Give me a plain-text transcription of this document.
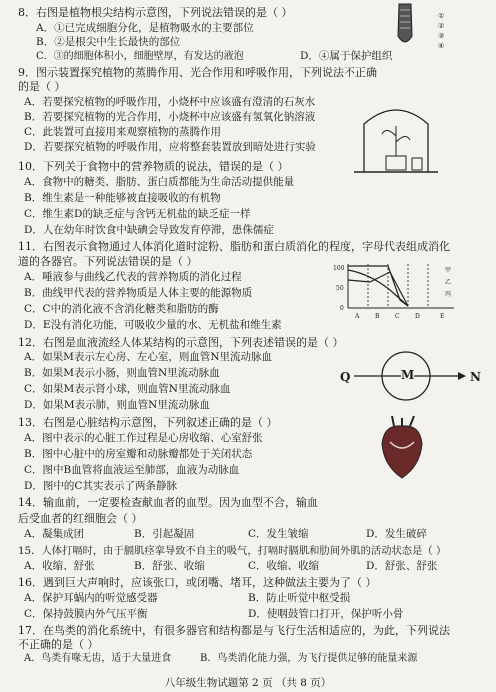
8．右图是植物根尖结构示意图，下列说法错误的是（ ）
A．①已完成细胞分化，是植物吸水的主要部位
B．②是根尖中生长最快的部位
C．③的细胞体积小，细胞壁厚，有发达的液泡	D．④属于保护组织
①
②
③
④
9．图示装置探究植物的蒸腾作用、光合作用和呼吸作用，下列说法不正确
的是（ ）
A．若要探究植物的呼吸作用，小烧杯中应该盛有澄清的石灰水
B．若要探究植物的光合作用，小烧杯中应该盛有氢氧化钠溶液
C．此装置可直接用来观察植物的蒸腾作用
D．若要探究植物的呼吸作用，应将整套装置放到暗处进行实验
10．下列关于食物中的营养物质的说法，错误的是（ ）
A．食物中的糖类、脂肪、蛋白质都能为生命活动提供能量
B．维生素是一种能够被直接吸收的有机物
C．维生素D的缺乏症与含钙无机盐的缺乏症一样
D．人在幼年时饮食中缺碘会导致发育停滞，患侏儒症
11．右图表示食物通过人体消化道时淀粉、脂肪和蛋白质消化的程度，字母代表组成消化
道的各器官。下列说法错误的是（ ）
A．唾液参与曲线乙代表的营养物质的消化过程
B．曲线甲代表的营养物质是人体主要的能源物质
C．C中的消化液不含消化糖类和脂肪的酶
D．E没有消化功能，可吸收少量的水、无机盐和维生素
100
50
0
A	B	C	D	E
甲
乙
丙
12．右图是血液流经人体某结构的示意图，下列表述错误的是（ ）
A．如果M表示左心房、左心室，则血管N里流动脉血
B．如果M表示小肠，则血管N里流动脉血
C．如果M表示肾小球，则血管N里流动脉血
D．如果M表示肺，则血管N里流动脉血
Q	M	N
13．右图是心脏结构示意图，下列叙述正确的是（ ）
A．图中表示的心脏工作过程是心房收缩、心室舒张
B．图中心脏中的房室瓣和动脉瓣都处于关闭状态
C．图中B血管将血液运至肺部，血液为动脉血
D．图中的C其实表示了两条静脉
14．输血前，一定要检查献血者的血型。因为血型不合，输血
后受血者的红细胞会（ ）
A．凝集成团	B．引起凝固	C．发生皱缩	D．发生破碎
15．人体打嗝时，由于膈肌痉挛导致不自主的吸气，打嗝时膈肌和肋间外肌的活动状态是（ ）
A．收缩、舒张	B．舒张、收缩	C．收缩、收缩	D．舒张、舒张
16．遇到巨大声响时，应该张口，或闭嘴、堵耳，这种做法主要为了（ ）
A．保护耳蜗内的听觉感受器	B．防止听觉中枢受损
C．保持鼓膜内外气压平衡	D．使咽鼓管口打开，保护听小骨
17．在鸟类的消化系统中，有很多器官和结构都是与飞行生活相适应的，为此，下列说法
不正确的是（ ）
A．鸟类有喙无齿，适于大量进食	B．鸟类消化能力强，为飞行提供足够的能量来源
八年级生物试题第 2 页 （共 8 页）
